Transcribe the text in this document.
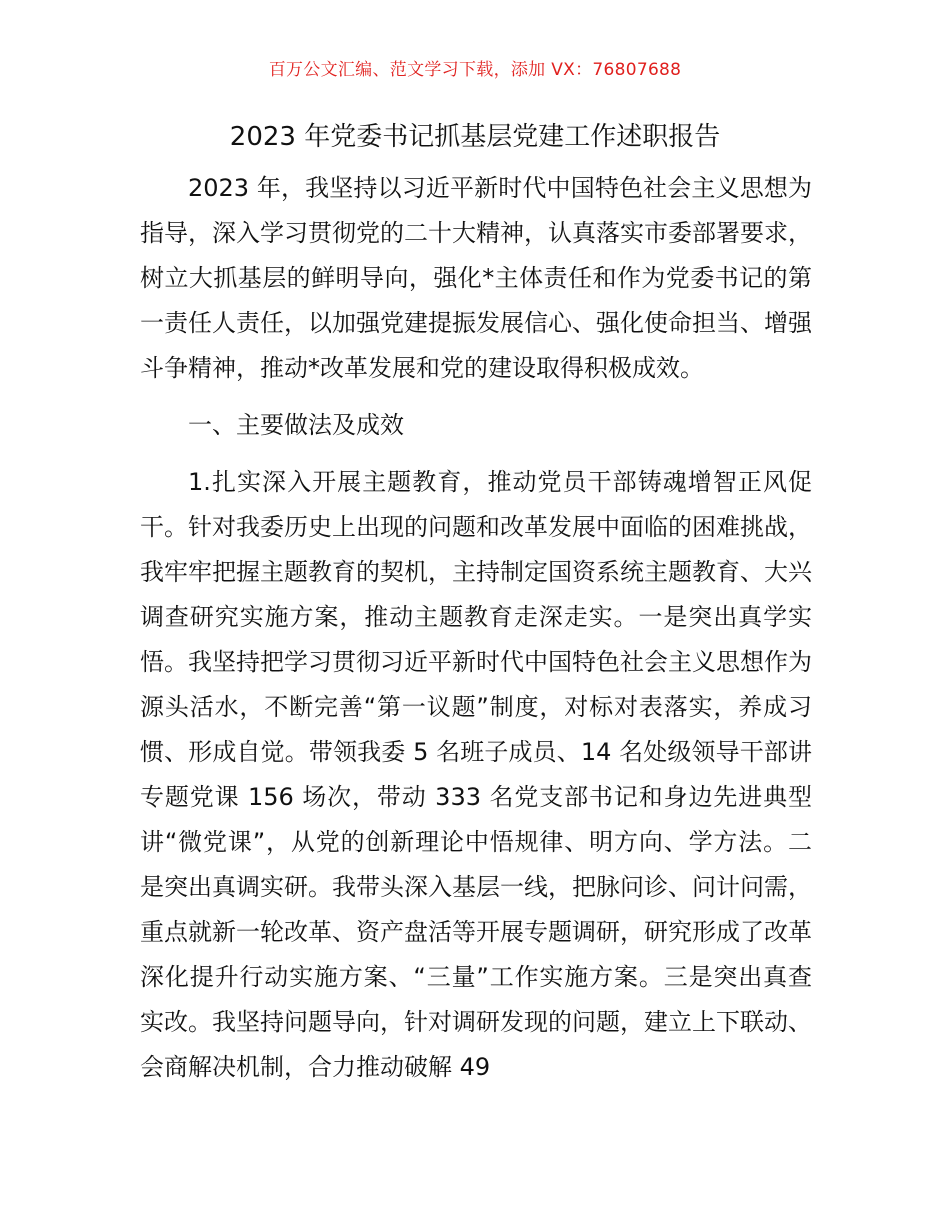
百万公文汇编、范文学习下载，添加 VX：76807688
2023 年党委书记抓基层党建工作述职报告

2023 年，我坚持以习近平新时代中国特色社会主义思想为指导，深入学习贯彻党的二十大精神，认真落实市委部署要求，树立大抓基层的鲜明导向，强化*主体责任和作为党委书记的第一责任人责任，以加强党建提振发展信心、强化使命担当、增强斗争精神，推动*改革发展和党的建设取得积极成效。

一、主要做法及成效

1.扎实深入开展主题教育，推动党员干部铸魂增智正风促干。针对我委历史上出现的问题和改革发展中面临的困难挑战，我牢牢把握主题教育的契机，主持制定国资系统主题教育、大兴调查研究实施方案，推动主题教育走深走实。一是突出真学实悟。我坚持把学习贯彻习近平新时代中国特色社会主义思想作为源头活水，不断完善“第一议题”制度，对标对表落实，养成习惯、形成自觉。带领我委 5 名班子成员、14 名处级领导干部讲专题党课 156 场次，带动 333 名党支部书记和身边先进典型讲“微党课”，从党的创新理论中悟规律、明方向、学方法。二是突出真调实研。我带头深入基层一线，把脉问诊、问计问需，重点就新一轮改革、资产盘活等开展专题调研，研究形成了改革深化提升行动实施方案、“三量”工作实施方案。三是突出真查实改。我坚持问题导向，针对调研发现的问题，建立上下联动、会商解决机制，合力推动破解 49
